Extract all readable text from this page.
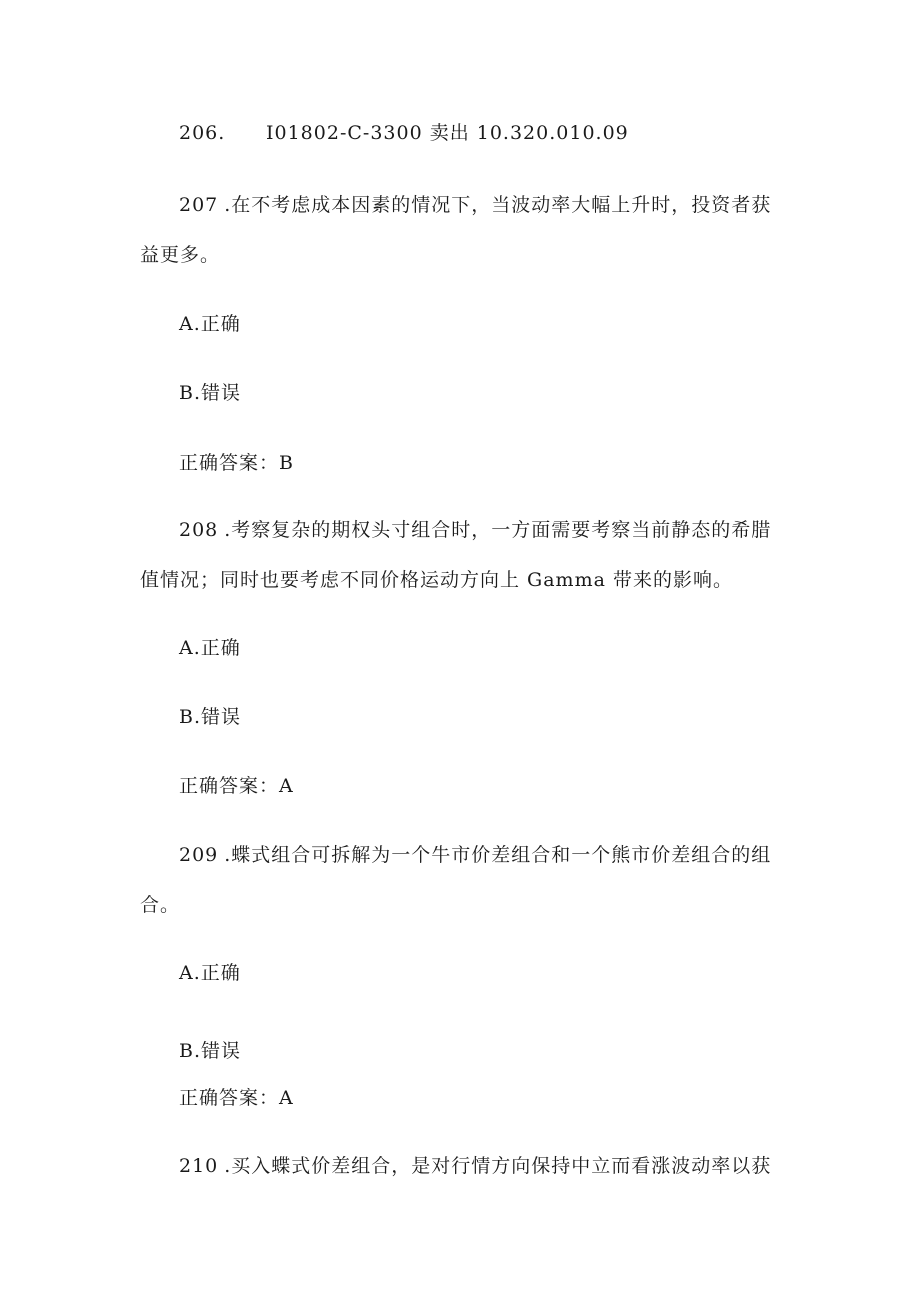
206. I01802-C-3300 卖出 10.320.010.09
207 .在不考虑成本因素的情况下，当波动率大幅上升时，投资者获
益更多。
A.正确
B.错误
正确答案：B
208 .考察复杂的期权头寸组合时，一方面需要考察当前静态的希腊
值情况；同时也要考虑不同价格运动方向上 Gamma 带来的影响。
A.正确
B.错误
正确答案：A
209 .蝶式组合可拆解为一个牛市价差组合和一个熊市价差组合的组
合。
A.正确
B.错误
正确答案：A
210 .买入蝶式价差组合，是对行情方向保持中立而看涨波动率以获
